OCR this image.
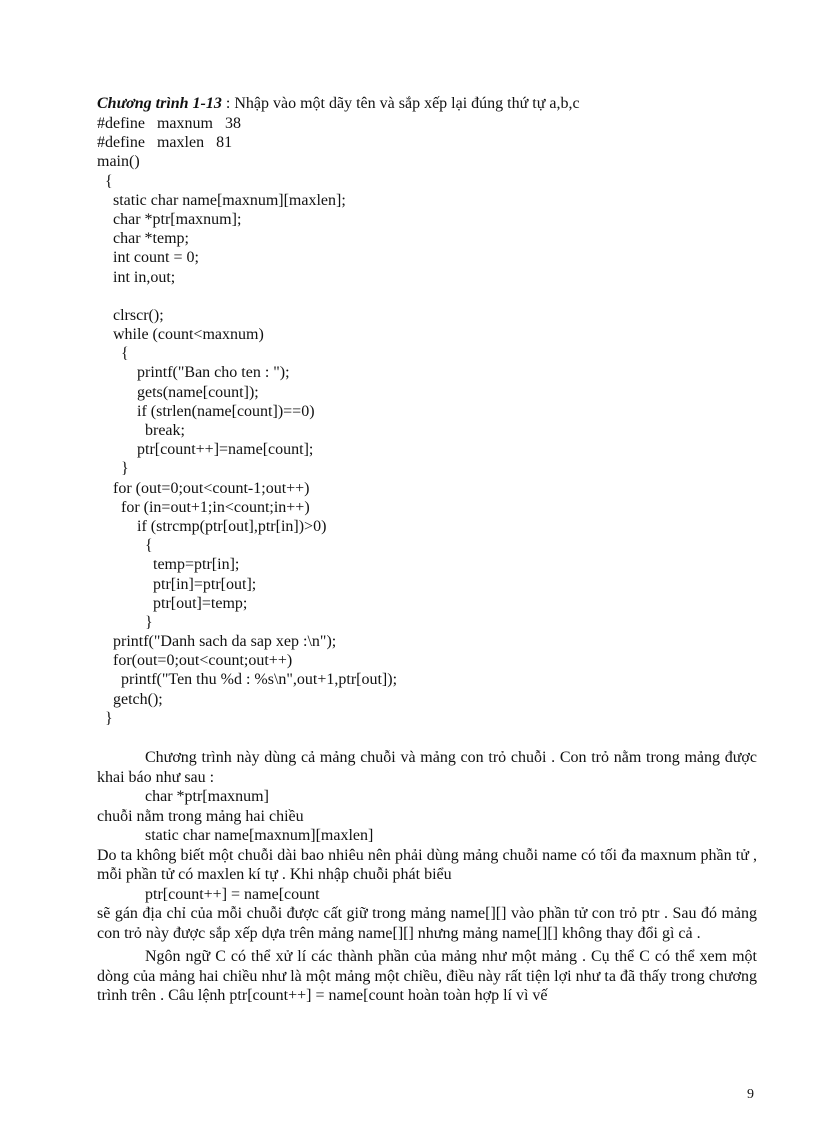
Chương trình 1-13 : Nhập vào một dãy tên và sắp xếp lại đúng thứ tự a,b,c
#define   maxnum   38
#define   maxlen   81
main()
{
static char name[maxnum][maxlen];
char *ptr[maxnum];
char *temp;
int count = 0;
int in,out;
clrscr();
while (count<maxnum)
{
printf("Ban cho ten : ");
gets(name[count]);
if (strlen(name[count])==0)
break;
ptr[count++]=name[count];
}
for (out=0;out<count-1;out++)
for (in=out+1;in<count;in++)
if (strcmp(ptr[out],ptr[in])>0)
{
temp=ptr[in];
ptr[in]=ptr[out];
ptr[out]=temp;
}
printf("Danh sach da sap xep :\n");
for(out=0;out<count;out++)
printf("Ten thu %d : %s\n",out+1,ptr[out]);
getch();
}
Chương trình này dùng cả mảng chuỗi và mảng con trỏ chuỗi . Con trỏ nằm trong mảng được khai báo như sau :
char *ptr[maxnum]
chuỗi nằm trong mảng hai chiều
static char name[maxnum][maxlen]
Do ta không biết một chuỗi dài bao nhiêu nên phải dùng mảng chuỗi name có tối đa maxnum phần tử , mỗi phần tử có maxlen kí tự . Khi nhập chuỗi phát biểu
ptr[count++] = name[count
sẽ gán địa chỉ của mỗi chuỗi được cất giữ trong mảng name[][] vào phần tử con trỏ ptr . Sau đó mảng con trỏ này được sắp xếp dựa trên mảng name[][] nhưng mảng name[][] không thay đổi gì cả .
Ngôn ngữ C có thể xử lí các thành phần của mảng như một mảng . Cụ thể C có thể xem một dòng của mảng hai chiều như là một mảng một chiều, điều này rất tiện lợi như ta đã thấy trong chương trình trên . Câu lệnh ptr[count++] = name[count hoàn toàn hợp lí vì vế
9
